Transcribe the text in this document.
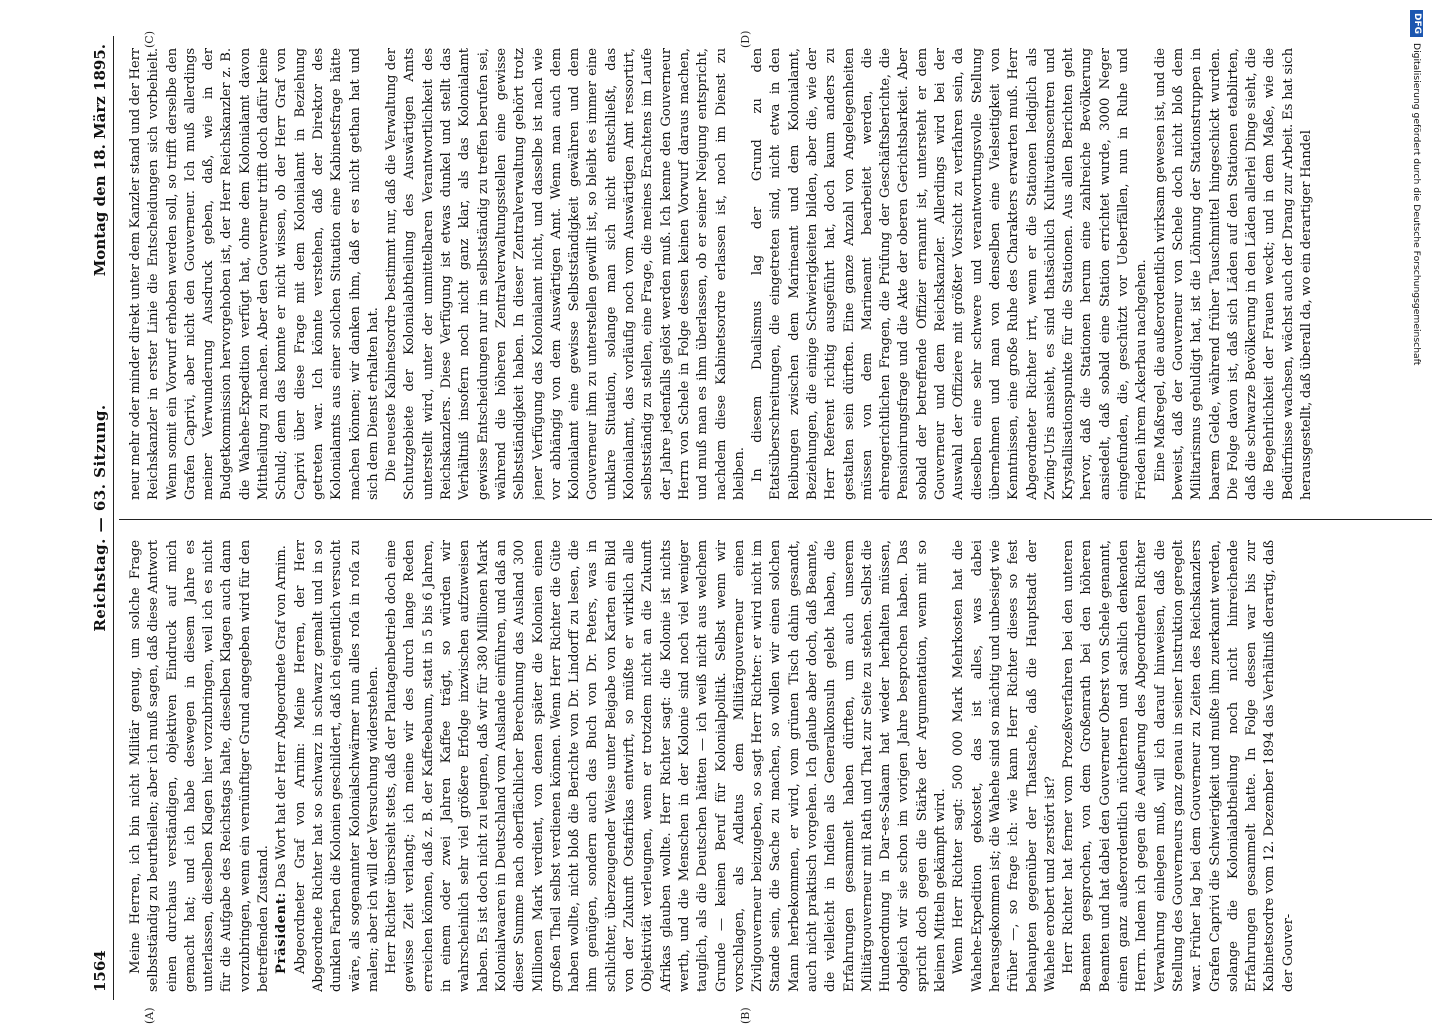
1564
Reichstag. — 63. Sitzung.
Montag den 18. März 1895.
(A)	(B)
(C)	(D)

Meine Herren, ich bin nicht Militär genug, um solche Frage selbstständig zu beurtheilen; aber ich muß sagen, daß diese Antwort einen durchaus verständigen, objektiven Eindruck auf mich gemacht hat; und ich habe deswegen in diesem Jahre es unterlassen, dieselben Klagen hier vorzubringen, weil ich es nicht für die Aufgabe des Reichstags halte, dieselben Klagen auch dann vorzubringen, wenn ein vernünftiger Grund angegeben wird für den betreffenden Zustand. Präsident: Das Wort hat der Herr Abgeordnete Graf von Arnim. Abgeordneter Graf von Arnim: Meine Herren, der Herr Abgeordnete Richter hat so schwarz in schwarz gemalt und in so dunklen Farben die Kolonien geschildert, daß ich eigentlich versucht wäre, als sogenannter Kolonialschwärmer nun alles roſa in roſa zu malen; aber ich will der Versuchung widerstehen. Herr Richter übersieht stets, daß der Plantagenbetrieb doch eine gewisse Zeit verlangt; ich meine wir des durch lange Reden erreichen können, daß z. B. der Kaffeebaum, statt in 5 bis 6 Jahren, in einem oder zwei Jahren Kaffee trägt, so würden wir wahrscheinlich sehr viel größere Erfolge inzwischen aufzuweisen haben. Es ist doch nicht zu leugnen, daß wir für 380 Millionen Mark Kolonialwaaren in Deutschland vom Auslande einführen, und daß an dieser Summe nach oberflächlicher Berechnung das Ausland 300 Millionen Mark verdient, von denen später die Kolonien einen großen Theil selbst verdienen können. Wenn Herr Richter die Güte haben wollte, nicht bloß die Berichte von Dr. Lindorff zu lesen, die ihm genügen, sondern auch das Buch von Dr. Peters, was in schlichter, überzeugender Weise unter Beigabe von Karten ein Bild von der Zukunft Ostafrikas entwirft, so müßte er wirklich alle Objektivität verleugnen, wenn er trotzdem nicht an die Zukunft Afrikas glauben wollte. Herr Richter sagt: die Kolonie ist nichts werth, und die Menschen in der Kolonie sind noch viel weniger tauglich, als die Deutschen hätten — ich weiß nicht aus welchem Grunde — keinen Beruf für Kolonialpolitik. Selbst wenn wir vorschlagen, als Adlatus dem Militärgouverneur einen Zivilgouverneur beizugeben, so sagt Herr Richter: er wird nicht im Stande sein, die Sache zu machen, so wollen wir einen solchen Mann herbekommen, er wird, vom grünen Tisch dahin gesandt, auch nicht praktisch vorgehen. Ich glaube aber doch, daß Beamte, die vielleicht in Indien als Generalkonsuln gelebt haben, die Erfahrungen gesammelt haben dürften, um auch unserem Militärgouverneur mit Rath und That zur Seite zu stehen. Selbst die Hundeordnung in Dar-es-Salaam hat wieder herhalten müssen, obgleich wir sie schon im vorigen Jahre besprochen haben. Das spricht doch gegen die Stärke der Argumentation, wenn mit so kleinen Mitteln gekämpft wird. Wenn Herr Richter sagt: 500 000 Mark Mehrkosten hat die Wahehe-Expedition gekostet, das ist alles, was dabei herausgekommen ist; die Wahehe sind so mächtig und unbesiegt wie früher —, so frage ich: wie kann Herr Richter dieses so fest behaupten gegenüber der Thatsache, daß die Hauptstadt der Wahehe erobert und zerstört ist? Herr Richter hat ferner vom Prozeßverfahren bei den unteren Beamten gesprochen, von dem Großenrath bei den höheren Beamten und hat dabei den Gouverneur Oberst von Schele genannt, einen ganz außerordentlich nüchternen und sachlich denkenden Herrn. Indem ich gegen die Aeußerung des Abgeordneten Richter Verwahrung einlegen muß, will ich darauf hinweisen, daß die Stellung des Gouverneurs ganz genau in seiner Instruktion geregelt war. Früher lag bei dem Gouverneur zu Zeiten des Reichskanzlers Grafen Caprivi die Schwierigkeit und mußte ihm zuerkannt werden, solange die Kolonialabtheilung noch nicht hinreichende Erfahrungen gesammelt hatte. In Folge dessen war bis zur Kabinetsordre vom 12. Dezember 1894 das Verhältniß derartig, daß der Gouver-

neur mehr oder minder direkt unter dem Kanzler stand und der Herr Reichskanzler in erster Linie die Entscheidungen sich vorbehielt. Wenn somit ein Vorwurf erhoben werden soll, so trifft derselbe den Grafen Caprivi, aber nicht den Gouverneur. Ich muß allerdings meiner Verwunderung Ausdruck geben, daß, wie in der Budgetkommission hervorgehoben ist, der Herr Reichskanzler z. B. die Wahehe-Expedition verfügt hat, ohne dem Kolonialamt davon Mittheilung zu machen. Aber den Gouverneur trifft doch dafür keine Schuld; denn das konnte er nicht wissen, ob der Herr Graf von Caprivi über diese Frage mit dem Kolonialamt in Beziehung getreten war. Ich könnte verstehen, daß der Direktor des Kolonialamts aus einer solchen Situation eine Kabinetsfrage hätte machen können; wir danken ihm, daß er es nicht gethan hat und sich dem Dienst erhalten hat. Die neueste Kabinetsordre bestimmt nur, daß die Verwaltung der Schutzgebiete der Kolonialabtheilung des Auswärtigen Amts unterstellt wird, unter der unmittelbaren Verantwortlichkeit des Reichskanzlers. Diese Verfügung ist etwas dunkel und stellt das Verhältniß insofern noch nicht ganz klar, als das Kolonialamt gewisse Entscheidungen nur im selbstständig zu treffen berufen sei, während die höheren Zentralverwaltungsstellen eine gewisse Selbstständigkeit haben. In dieser Zentralverwaltung gehört trotz jener Verfügung das Kolonialamt nicht, und dasselbe ist nach wie vor abhängig von dem Auswärtigen Amt. Wenn man auch dem Kolonialamt eine gewisse Selbstständigkeit gewähren und dem Gouverneur ihm zu unterstellen gewillt ist, so bleibt es immer eine unklare Situation, solange man sich nicht entschließt, das Kolonialamt, das vorläufig noch vom Auswärtigen Amt ressortirt, selbstständig zu stellen, eine Frage, die meines Erachtens im Laufe der Jahre jedenfalls gelöst werden muß. Ich kenne den Gouverneur Herrn von Schele in Folge dessen keinen Vorwurf daraus machen, und muß man es ihm überlassen, ob er seiner Neigung entspricht, nachdem diese Kabinetsordre erlassen ist, noch im Dienst zu bleiben. In diesem Dualismus lag der Grund zu den Etatsüberschreitungen, die eingetreten sind, nicht etwa in den Reibungen zwischen dem Marineamt und dem Kolonialamt, Beziehungen, die einige Schwierigkeiten bilden, aber die, wie der Herr Referent richtig ausgeführt hat, doch kaum anders zu gestalten sein dürften. Eine ganze Anzahl von Angelegenheiten müssen von dem Marineamt bearbeitet werden, die ehrengerichtlichen Fragen, die Prüfung der Geschäftsberichte, die Pensionirungsfrage und die Akte der oberen Gerichtsbarkeit. Aber sobald der betreffende Offizier ernannt ist, untersteht er dem Gouverneur und dem Reichskanzler. Allerdings wird bei der Auswahl der Offiziere mit größter Vorsicht zu verfahren sein, da dieselben eine sehr schwere und verantwortungsvolle Stellung übernehmen und man von denselben eine Vielseitigkeit von Kenntnissen, eine große Ruhe des Charakters erwarten muß. Herr Abgeordneter Richter irrt, wenn er die Stationen lediglich als Zwing-Uris ansieht, es sind thatsächlich Kultivationscentren und Krystallisationspunkte für die Stationen. Aus allen Berichten geht hervor, daß die Stationen herum eine zahlreiche Bevölkerung ansiedelt, daß sobald eine Station errichtet wurde, 3000 Neger eingefunden, die, geschützt vor Ueberfällen, nun in Ruhe und Frieden ihrem Ackerbau nachgehen. Eine Maßregel, die außerordentlich wirksam gewesen ist, und die beweist, daß der Gouverneur von Schele doch nicht bloß dem Militarismus gehuldigt hat, ist die Löhnung der Stationstruppen in baarem Gelde, während früher Tauschmittel hingeschickt wurden. Die Folge davon ist, daß sich Läden auf den Stationen etablirten, daß die schwarze Bevölkerung in den Läden allerlei Dinge sieht, die die Begehrlichkeit der Frauen weckt; und in dem Maße, wie die Bedürfnisse wachsen, wächst auch der Drang zur Arbeit. Es hat sich herausgestellt, daß überall da, wo ein derartiger Handel

DFGDigitalisierung gefördert durch die Deutsche Forschungsgemeinschaft
